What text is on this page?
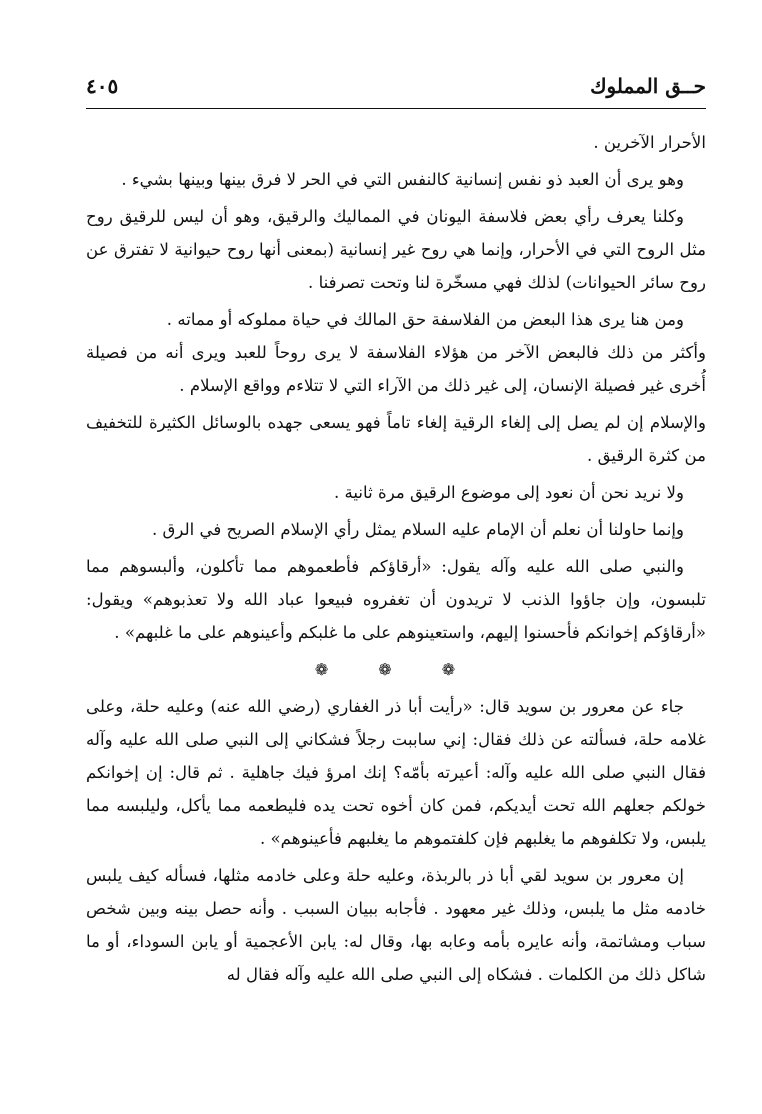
حــق المملوك
٤٠٥

الأحرار الآخرين .

وهو يرى أن العبد ذو نفس إنسانية كالنفس التي في الحر لا فرق بينها وبينها بشيء .

وكلنا يعرف رأي بعض فلاسفة اليونان في المماليك والرقيق، وهو أن ليس للرقيق روح مثل الروح التي في الأحرار، وإنما هي روح غير إنسانية (بمعنى أنها روح حيوانية لا تفترق عن روح سائر الحيوانات) لذلك فهي مسخّرة لنا وتحت تصرفنا .

ومن هنا يرى هذا البعض من الفلاسفة حق المالك في حياة مملوكه أو مماته .

وأكثر من ذلك فالبعض الآخر من هؤلاء الفلاسفة لا يرى روحاً للعبد ويرى أنه من فصيلة أُخرى غير فصيلة الإنسان، إلى غير ذلك من الآراء التي لا تتلاءم وواقع الإسلام .

والإسلام إن لم يصل إلى إلغاء الرقية إلغاء تاماً فهو يسعى جهده بالوسائل الكثيرة للتخفيف من كثرة الرقيق .

ولا نريد نحن أن نعود إلى موضوع الرقيق مرة ثانية .

وإنما حاولنا أن نعلم أن الإمام عليه السلام يمثل رأي الإسلام الصريح في الرق .

والنبي صلى الله عليه وآله يقول: «أرقاؤكم فأطعموهم مما تأكلون، وألبسوهم مما تلبسون، وإن جاؤوا الذنب لا تريدون أن تغفروه فبيعوا عباد الله ولا تعذبوهم» ويقول: «أرقاؤكم إخوانكم فأحسنوا إليهم، واستعينوهم على ما غلبكم وأعينوهم على ما غلبهم» .

❁❁❁

جاء عن معرور بن سويد قال: «رأيت أبا ذر الغفاري (رضي الله عنه) وعليه حلة، وعلى غلامه حلة، فسألته عن ذلك فقال: إني ساببت رجلاً فشكاني إلى النبي صلى الله عليه وآله فقال النبي صلى الله عليه وآله: أعيرته بأمّه؟ إنك امرؤ فيك جاهلية . ثم قال: إن إخوانكم خولكم جعلهم الله تحت أيديكم، فمن كان أخوه تحت يده فليطعمه مما يأكل، وليلبسه مما يلبس، ولا تكلفوهم ما يغلبهم فإن كلفتموهم ما يغلبهم فأعينوهم» .

إن معرور بن سويد لقي أبا ذر بالربذة، وعليه حلة وعلى خادمه مثلها، فسأله كيف يلبس خادمه مثل ما يلبس، وذلك غير معهود . فأجابه ببيان السبب . وأنه حصل بينه وبين شخص سباب ومشاتمة، وأنه عايره بأمه وعابه بها، وقال له: يابن الأعجمية أو يابن السوداء، أو ما شاكل ذلك من الكلمات . فشكاه إلى النبي صلى الله عليه وآله فقال له
